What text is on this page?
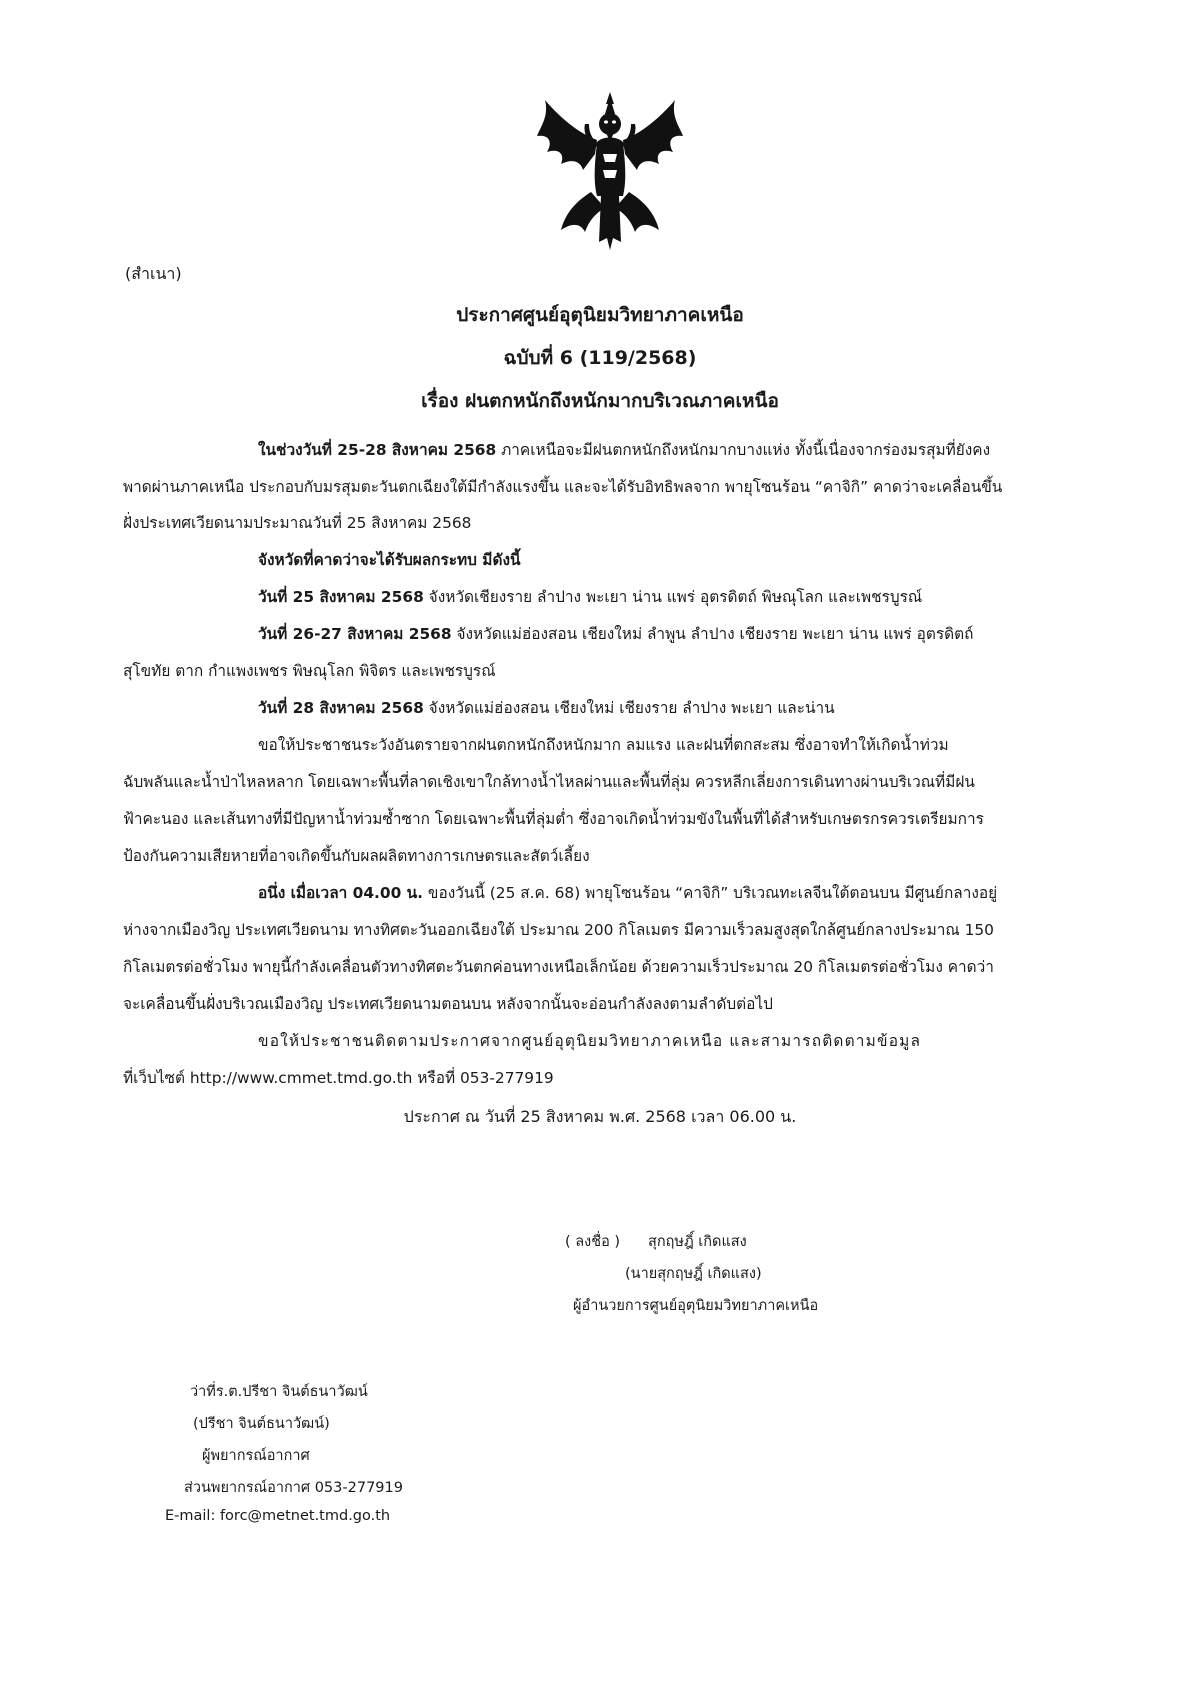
(สำเนา)
ประกาศศูนย์อุตุนิยมวิทยาภาคเหนือ
ฉบับที่ 6 (119/2568)
เรื่อง ฝนตกหนักถึงหนักมากบริเวณภาคเหนือ
ในช่วงวันที่ 25-28 สิงหาคม 2568 ภาคเหนือจะมีฝนตกหนักถึงหนักมากบางแห่ง ทั้งนี้เนื่องจากร่องมรสุมที่ยังคง
พาดผ่านภาคเหนือ ประกอบกับมรสุมตะวันตกเฉียงใต้มีกำลังแรงขึ้น และจะได้รับอิทธิพลจาก พายุโซนร้อน “คาจิกิ” คาดว่าจะเคลื่อนขึ้น
ฝั่งประเทศเวียดนามประมาณวันที่ 25 สิงหาคม 2568
จังหวัดที่คาดว่าจะได้รับผลกระทบ มีดังนี้
วันที่ 25 สิงหาคม 2568 จังหวัดเชียงราย ลำปาง พะเยา น่าน แพร่ อุตรดิตถ์ พิษณุโลก และเพชรบูรณ์
วันที่ 26-27 สิงหาคม 2568 จังหวัดแม่ฮ่องสอน เชียงใหม่ ลำพูน ลำปาง เชียงราย พะเยา น่าน แพร่ อุตรดิตถ์
สุโขทัย ตาก กำแพงเพชร พิษณุโลก พิจิตร และเพชรบูรณ์
วันที่ 28 สิงหาคม 2568 จังหวัดแม่ฮ่องสอน เชียงใหม่ เชียงราย ลำปาง พะเยา และน่าน
ขอให้ประชาชนระวังอันตรายจากฝนตกหนักถึงหนักมาก ลมแรง และฝนที่ตกสะสม ซึ่งอาจทำให้เกิดน้ำท่วม
ฉับพลันและน้ำป่าไหลหลาก โดยเฉพาะพื้นที่ลาดเชิงเขาใกล้ทางน้ำไหลผ่านและพื้นที่ลุ่ม ควรหลีกเลี่ยงการเดินทางผ่านบริเวณที่มีฝน
ฟ้าคะนอง และเส้นทางที่มีปัญหาน้ำท่วมซ้ำซาก โดยเฉพาะพื้นที่ลุ่มต่ำ ซึ่งอาจเกิดน้ำท่วมขังในพื้นที่ได้สำหรับเกษตรกรควรเตรียมการ
ป้องกันความเสียหายที่อาจเกิดขึ้นกับผลผลิตทางการเกษตรและสัตว์เลี้ยง
อนึ่ง เมื่อเวลา 04.00 น. ของวันนี้ (25 ส.ค. 68) พายุโซนร้อน “คาจิกิ” บริเวณทะเลจีนใต้ตอนบน มีศูนย์กลางอยู่
ห่างจากเมืองวิญ ประเทศเวียดนาม ทางทิศตะวันออกเฉียงใต้ ประมาณ 200 กิโลเมตร มีความเร็วลมสูงสุดใกล้ศูนย์กลางประมาณ 150
กิโลเมตรต่อชั่วโมง พายุนี้กำลังเคลื่อนตัวทางทิศตะวันตกค่อนทางเหนือเล็กน้อย ด้วยความเร็วประมาณ 20 กิโลเมตรต่อชั่วโมง คาดว่า
จะเคลื่อนขึ้นฝั่งบริเวณเมืองวิญ ประเทศเวียดนามตอนบน หลังจากนั้นจะอ่อนกำลังลงตามลำดับต่อไป
ขอให้ประชาชนติดตามประกาศจากศูนย์อุตุนิยมวิทยาภาคเหนือ และสามารถติดตามข้อมูล
ที่เว็บไซต์ http://www.cmmet.tmd.go.th หรือที่ 053-277919
ประกาศ ณ วันที่ 25 สิงหาคม พ.ศ. 2568 เวลา 06.00 น.
( ลงชื่อ ) สุกฤษฎิ์ เกิดแสง
(นายสุกฤษฎิ์ เกิดแสง)
ผู้อำนวยการศูนย์อุตุนิยมวิทยาภาคเหนือ
ว่าที่ร.ต.ปรีชา จินต์ธนาวัฒน์
(ปรีชา จินต์ธนาวัฒน์)
ผู้พยากรณ์อากาศ
ส่วนพยากรณ์อากาศ 053-277919
E-mail: forc@metnet.tmd.go.th
